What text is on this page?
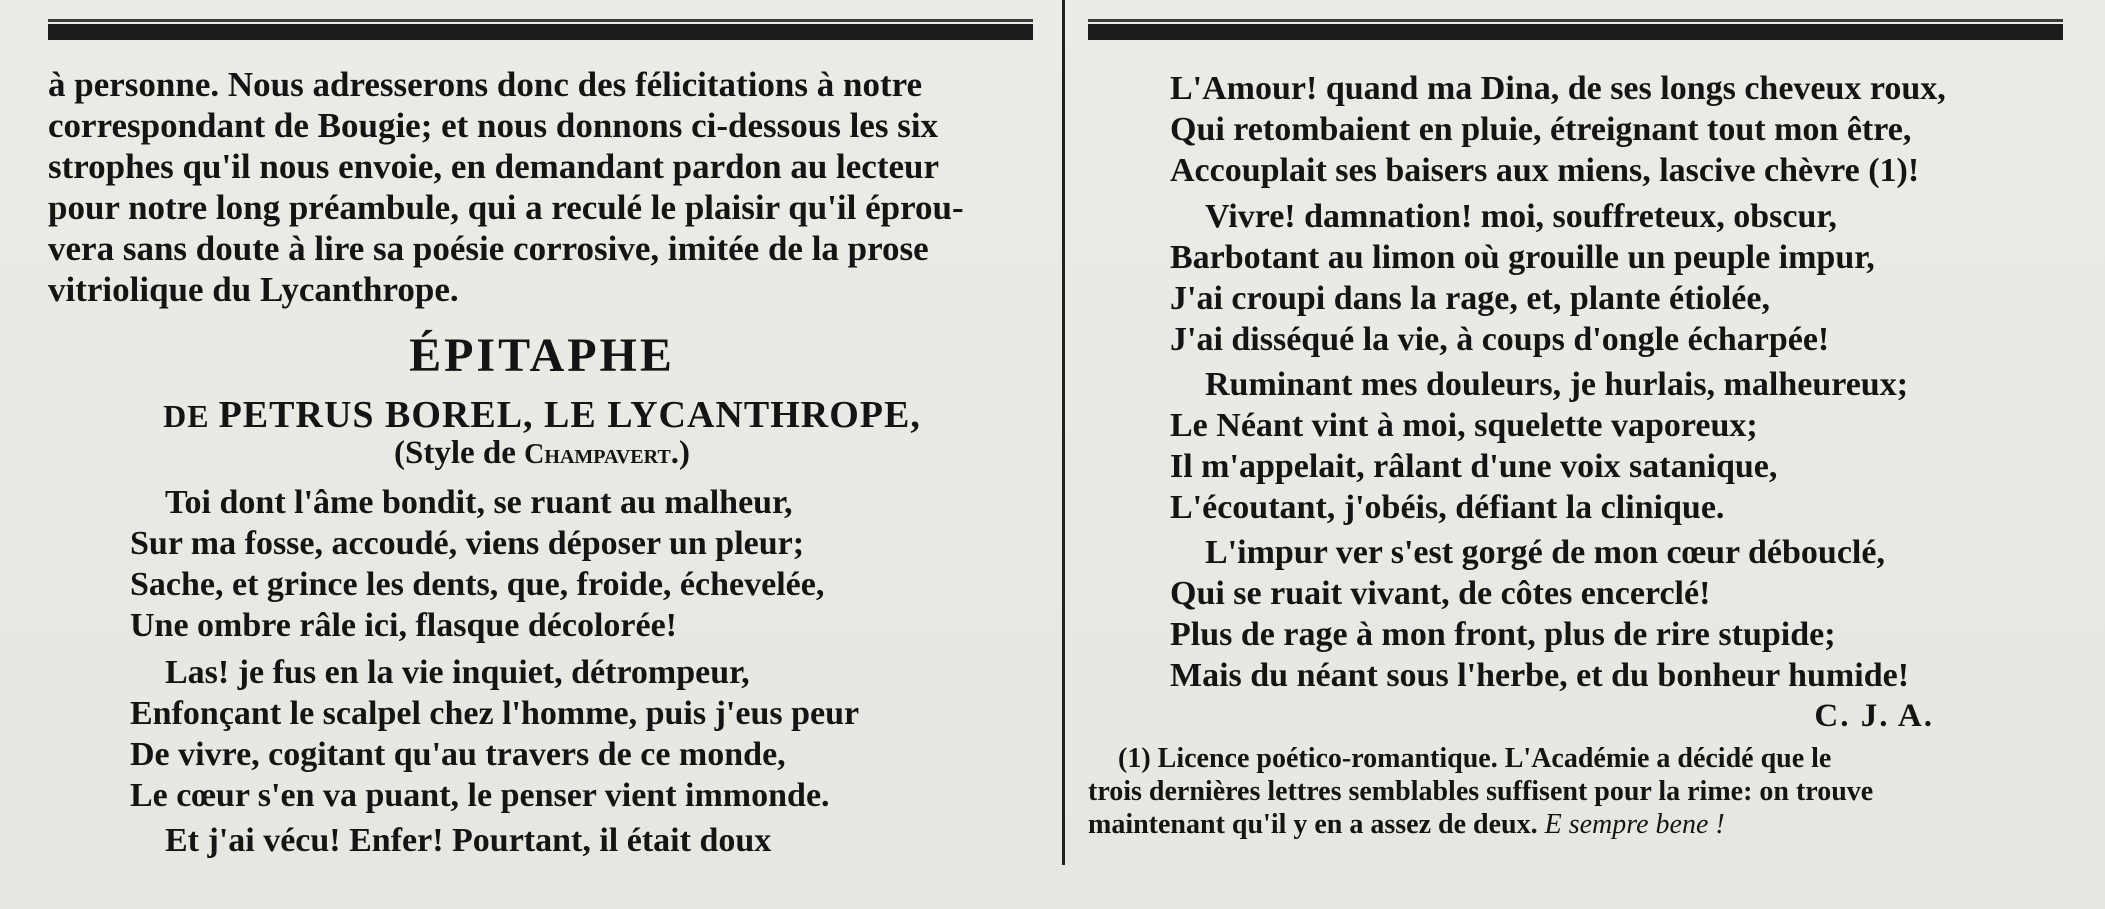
à personne. Nous adresserons donc des félicitations à notre
correspondant de Bougie; et nous donnons ci-dessous les six
strophes qu'il nous envoie, en demandant pardon au lecteur
pour notre long préambule, qui a reculé le plaisir qu'il éprou-
vera sans doute à lire sa poésie corrosive, imitée de la prose
vitriolique du Lycanthrope.
ÉPITAPHE

DE PETRUS BOREL, LE LYCANTHROPE,

(Style de Champavert.)

Toi dont l'âme bondit, se ruant au malheur,
Sur ma fosse, accoudé, viens déposer un pleur;
Sache, et grince les dents, que, froide, échevelée,
Une ombre râle ici, flasque décolorée!
Las! je fus en la vie inquiet, détrompeur,
Enfonçant le scalpel chez l'homme, puis j'eus peur
De vivre, cogitant qu'au travers de ce monde,
Le cœur s'en va puant, le penser vient immonde.
Et j'ai vécu! Enfer! Pourtant, il était doux
L'Amour! quand ma Dina, de ses longs cheveux roux,
Qui retombaient en pluie, étreignant tout mon être,
Accouplait ses baisers aux miens, lascive chèvre (1)!
Vivre! damnation! moi, souffreteux, obscur,
Barbotant au limon où grouille un peuple impur,
J'ai croupi dans la rage, et, plante étiolée,
J'ai disséqué la vie, à coups d'ongle écharpée!
Ruminant mes douleurs, je hurlais, malheureux;
Le Néant vint à moi, squelette vaporeux;
Il m'appelait, râlant d'une voix satanique,
L'écoutant, j'obéis, défiant la clinique.
L'impur ver s'est gorgé de mon cœur débouclé,
Qui se ruait vivant, de côtes encerclé!
Plus de rage à mon front, plus de rire stupide;
Mais du néant sous l'herbe, et du bonheur humide!

C. J. A.

(1) Licence poético-romantique. L'Académie a décidé que le
trois dernières lettres semblables suffisent pour la rime: on trouve
maintenant qu'il y en a assez de deux. E sempre bene !
